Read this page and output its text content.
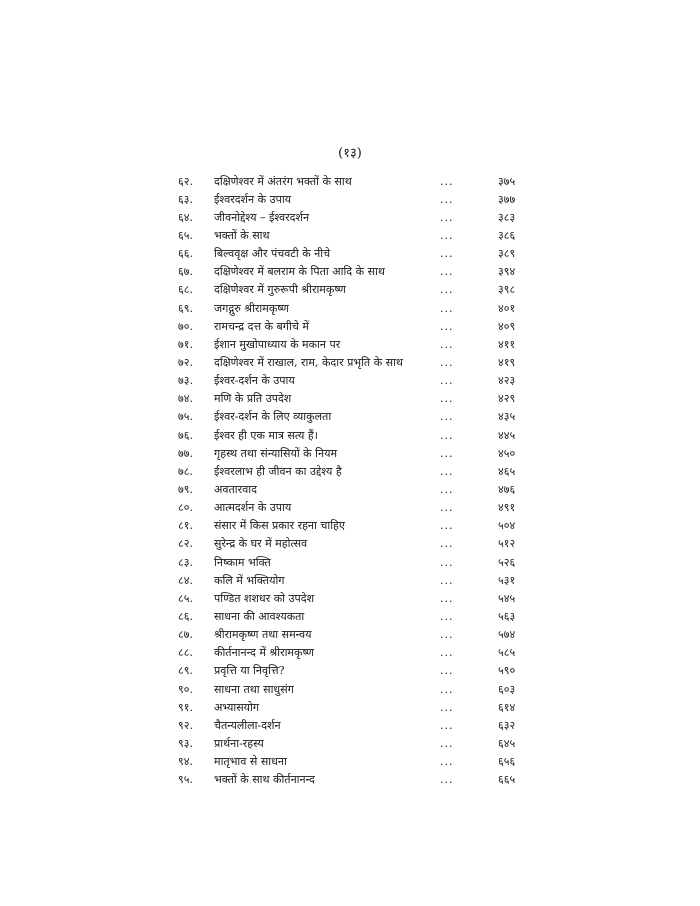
(१३)
६२.	दक्षिणेश्वर में अंतरंग भक्तों के साथ	...	३७५
६३.	ईश्वरदर्शन के उपाय	...	३७७
६४.	जीवनोद्देश्य – ईश्वरदर्शन	...	३८३
६५.	भक्तों के साथ	...	३८६
६६.	बिल्ववृक्ष और पंचवटी के नीचे	...	३८९
६७.	दक्षिणेश्वर में बलराम के पिता आदि के साथ	...	३९४
६८.	दक्षिणेश्वर में गुरुरूपी श्रीरामकृष्ण	...	३९८
६९.	जगद्गुरु श्रीरामकृष्ण	...	४०१
७०.	रामचन्द्र दत्त के बगीचे में	...	४०९
७१.	ईशान मुखोपाध्याय के मकान पर	...	४११
७२.	दक्षिणेश्वर में राखाल, राम, केदार प्रभृति के साथ	...	४१९
७३.	ईश्वर-दर्शन के उपाय	...	४२३
७४.	मणि के प्रति उपदेश	...	४२९
७५.	ईश्वर-दर्शन के लिए व्याकुलता	...	४३५
७६.	ईश्वर ही एक मात्र सत्य हैं।	...	४४५
७७.	गृहस्थ तथा संन्यासियों के नियम	...	४५०
७८.	ईश्वरलाभ ही जीवन का उद्देश्य है	...	४६५
७९.	अवतारवाद	...	४७६
८०.	आत्मदर्शन के उपाय	...	४९१
८१.	संसार में किस प्रकार रहना चाहिए	...	५०४
८२.	सुरेन्द्र के घर में महोत्सव	...	५१२
८३.	निष्काम भक्ति	...	५२६
८४.	कलि में भक्तियोग	...	५३१
८५.	पण्डित शशधर को उपदेश	...	५४५
८६.	साधना की आवश्यकता	...	५६३
८७.	श्रीरामकृष्ण तथा समन्वय	...	५७४
८८.	कीर्तनानन्द में श्रीरामकृष्ण	...	५८५
८९.	प्रवृत्ति या निवृत्ति?	...	५९०
९०.	साधना तथा साधुसंग	...	६०३
९१.	अभ्यासयोग	...	६१४
९२.	चैतन्यलीला-दर्शन	...	६३२
९३.	प्रार्थना-रहस्य	...	६४५
९४.	मातृभाव से साधना	...	६५६
९५.	भक्तों के साथ कीर्तनानन्द	...	६६५
